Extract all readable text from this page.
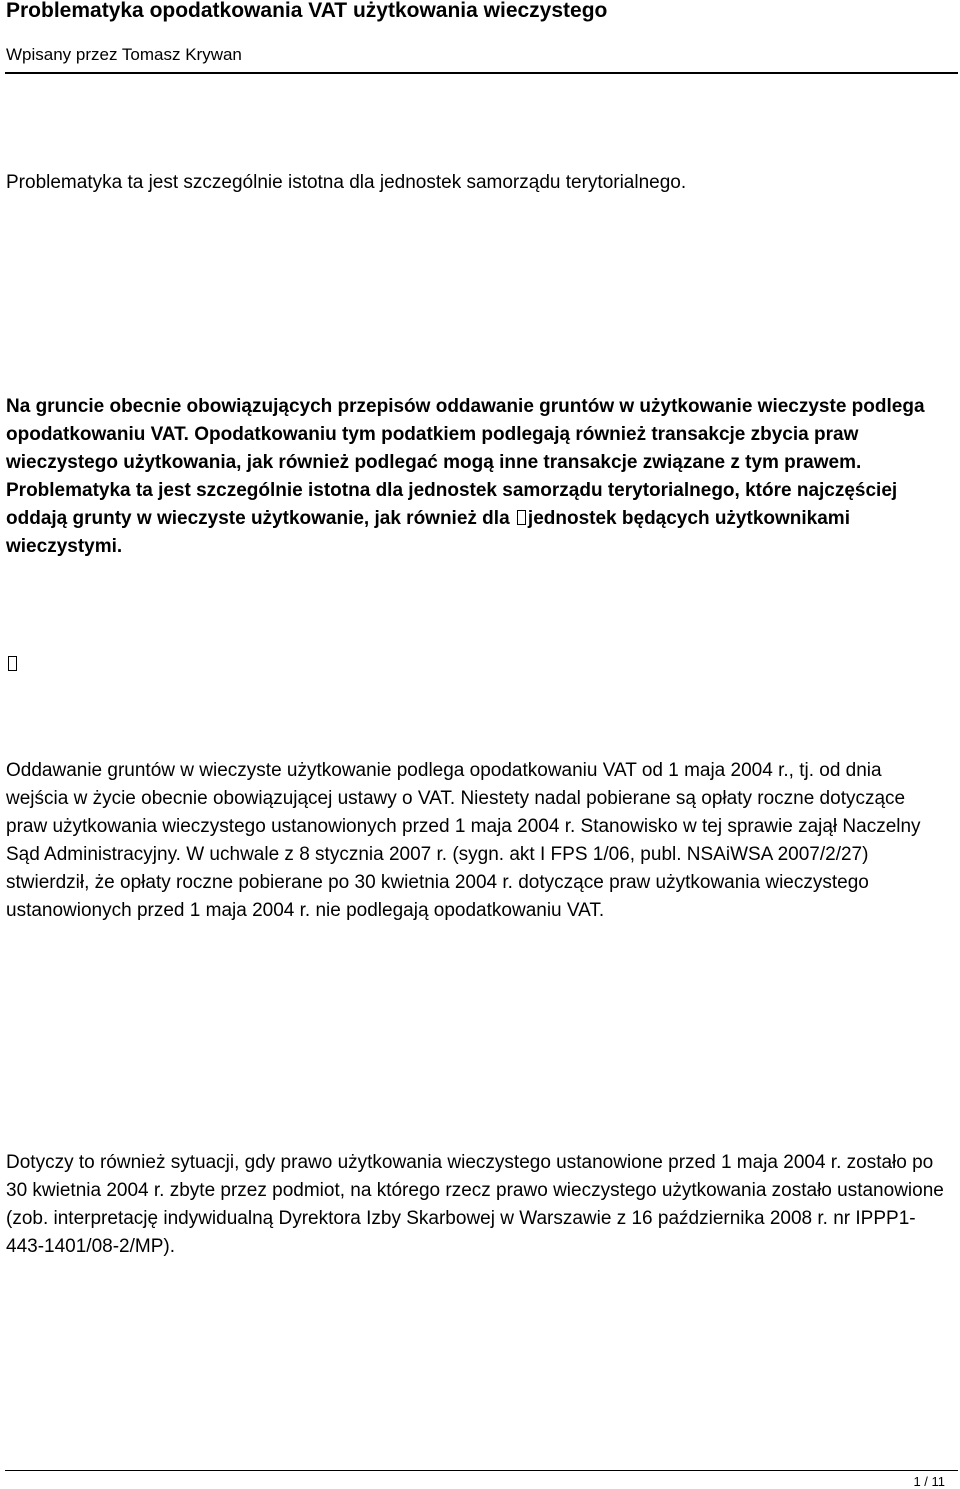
Problematyka opodatkowania VAT użytkowania wieczystego
Wpisany przez Tomasz Krywan

Problematyka ta jest szczególnie istotna dla jednostek samorządu terytorialnego.

Na gruncie obecnie obowiązujących przepisów oddawanie gruntów w użytkowanie wieczyste podlega opodatkowaniu VAT. Opodatkowaniu tym podatkiem podlegają również transakcje zbycia praw wieczystego użytkowania, jak również podlegać mogą inne transakcje związane z tym prawem. Problematyka ta jest szczególnie istotna dla jednostek samorządu terytorialnego, które najczęściej oddają grunty w wieczyste użytkowanie, jak również dla jednostek będących użytkownikami wieczystymi.

Oddawanie gruntów w wieczyste użytkowanie podlega opodatkowaniu VAT od 1 maja 2004 r., tj. od dnia wejścia w życie obecnie obowiązującej ustawy o VAT. Niestety nadal pobierane są opłaty roczne dotyczące praw użytkowania wieczystego ustanowionych przed 1 maja 2004 r. Stanowisko w tej sprawie zajął Naczelny Sąd Administracyjny. W uchwale z 8 stycznia 2007 r. (sygn. akt I FPS 1/06, publ. NSAiWSA 2007/2/27) stwierdził, że opłaty roczne pobierane po 30 kwietnia 2004 r. dotyczące praw użytkowania wieczystego ustanowionych przed 1 maja 2004 r. nie podlegają opodatkowaniu VAT.

Dotyczy to również sytuacji, gdy prawo użytkowania wieczystego ustanowione przed 1 maja 2004 r. zostało po 30 kwietnia 2004 r. zbyte przez podmiot, na którego rzecz prawo wieczystego użytkowania zostało ustanowione (zob. interpretację indywidualną Dyrektora Izby Skarbowej w Warszawie z 16 października 2008 r. nr IPPP1-443-1401/08-2/MP).

1 / 11
